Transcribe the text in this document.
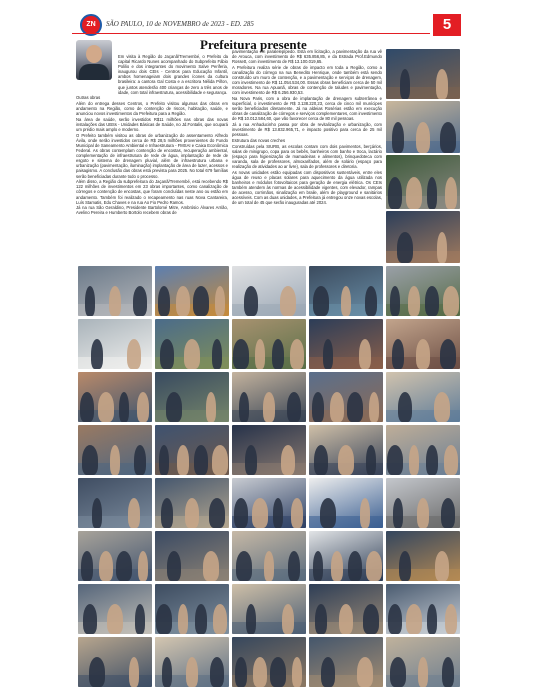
ZN	SÃO PAULO, 10 de NOVEMBRO de 2023 - ED. 285	5
Prefeitura presente

Em visita à Região do Jaçanã/Tremembé, o Prefeito da capital Ricardo Nunes acompanhado do Subprefeito Fábio Polilio e dos integrantes do movimento Salve Periferia, inaugurou dois CEIs - Centros para Educação Infantil, ambos homenageiam dois grandes ícones da cultura brasileira: a cantora Gal Costa e a escritora Nélida Piñon, que juntos atenderão 400 crianças de zero a três anos de idade, com total infraestrutura, acessibilidade e segurança.

Outras obras

Além do entrega desses Centros, o Prefeito visitou algumas das obras em andamento na Região, como de contenção de riscos, habitação, saúde, e anunciou novos investimentos da Prefeitura para a Região.

Na área de saúde, serão investidos R$11 milhões nas obras das novas instalações das UBSs - Unidades Básicas de Saúde, no Jd.Fontalis, que ocupará um prédio mais amplo e moderno.

O Prefeito também visitou as obras de urbanização do assentamento Alfredo Ávila, onde serão investidos cerca de R$ 28,5 milhões provenientes do Fundo Municipal de Saneamento Ambiental e Infraestrutura - FMSAI e Caixa Econômica Federal. As obras contemplam contenção de encostas, recuperação ambiental, complementação de infraestrutura de rede de água, implantação de rede de esgoto e sistema de drenagem pluvial, além de infraestrutura urbana e urbanização (pavimentação, iluminação) implantação de área de lazer, acessos e paisagismo. A conclusão das obras está prevista para 2025. No total 679 famílias serão beneficiadas durante todo o processo.

Além disso, a Região da subprefeitura do Jaçanã/Tremembé, está recebendo R$ 122 milhões de investimentos em 23 obras importantes, como canalização de córregos e contenção de encostas, que foram concluídas neste ano ou estão em andamento. Também foi realizado o recapeamento nas ruas Nova Cantareira, Luís Stamatis, Edu Chaves e na rua Ao Fio Pedro Ramos.

Já na rua São Geraldino, Presidente Bartolomé Mitre, Ambrósio Álvares Arrião, Avelino Pereira e Humberto Bortolo recebem obras de

pavimentação em paralelepípedo. Está em licitação, a pavimentação da rua vê de Arouca, com investimento de R$ 635.856,85, e da Estrada Prof.Edmundo Rossett, com investimento de R$ 13.100.019,65.

A Prefeitura realiza série de obras de impacto em toda a Região, como a canalização do córrego na rua Benedito Henrique, onde também está sendo construído um muro de contenção, e a pavimentação e serviços de drenagem, com investimento de R$ 11.054.534,00. Essas obras beneficiam cerca de 50 mil moradores. Na rua Apuanã, obras de contenção de taludes e pavimentação, com investimento de R$ 6.256.930,53.

Na Nova Paris, com a obra de implantação de drenagem subterrânea e superficial, o investimento de R$ 3.138.220,23, cerca de cinco mil munícipes serão beneficiados diretamente. Já na aldeias Rosérias estão em execução obras de canalização de córregos e serviços complementares, com investimento de R$ 10.012.584,60, que vão favorecer cerca de 80 mil pessoas.

Já a rua Anhaducinho passa por obra de revitalização e urbanização, com investimento de R$ 13.832.965,71, e impacto positivo para cerca de 25 mil pessoas.

Estrutura das novas creches

Construídas pela SIURB, as escolas contam com dois pavimentos, berçários, salas de minigrupo, copa para os bebês, banheiros com banho e troca, lactário (espaço para higienização de mamadeiras e alimentos), brinquedoteca com varanda, sala de professores, almoxarifados, além de solário (espaço para realização de atividades ao ar livre), sala de professores e diretoria.

As novas unidades estão equipadas com dispositivos sustentáveis, entre eles água de reuso e placas solares para aquecimento da água utilizada nos banheiros e módulos fotovoltaicos para geração de energia elétrica. Os CEIs também atendem às normas de acessibilidade vigentes, com elevador, rampas de acesso, corrimãos, sinalização em braile, além de playground e sanitários acessíveis. Com as duas unidades, a Prefeitura já entregou onze novas escolas, de um total de 45 que serão inauguradas até 2024.
